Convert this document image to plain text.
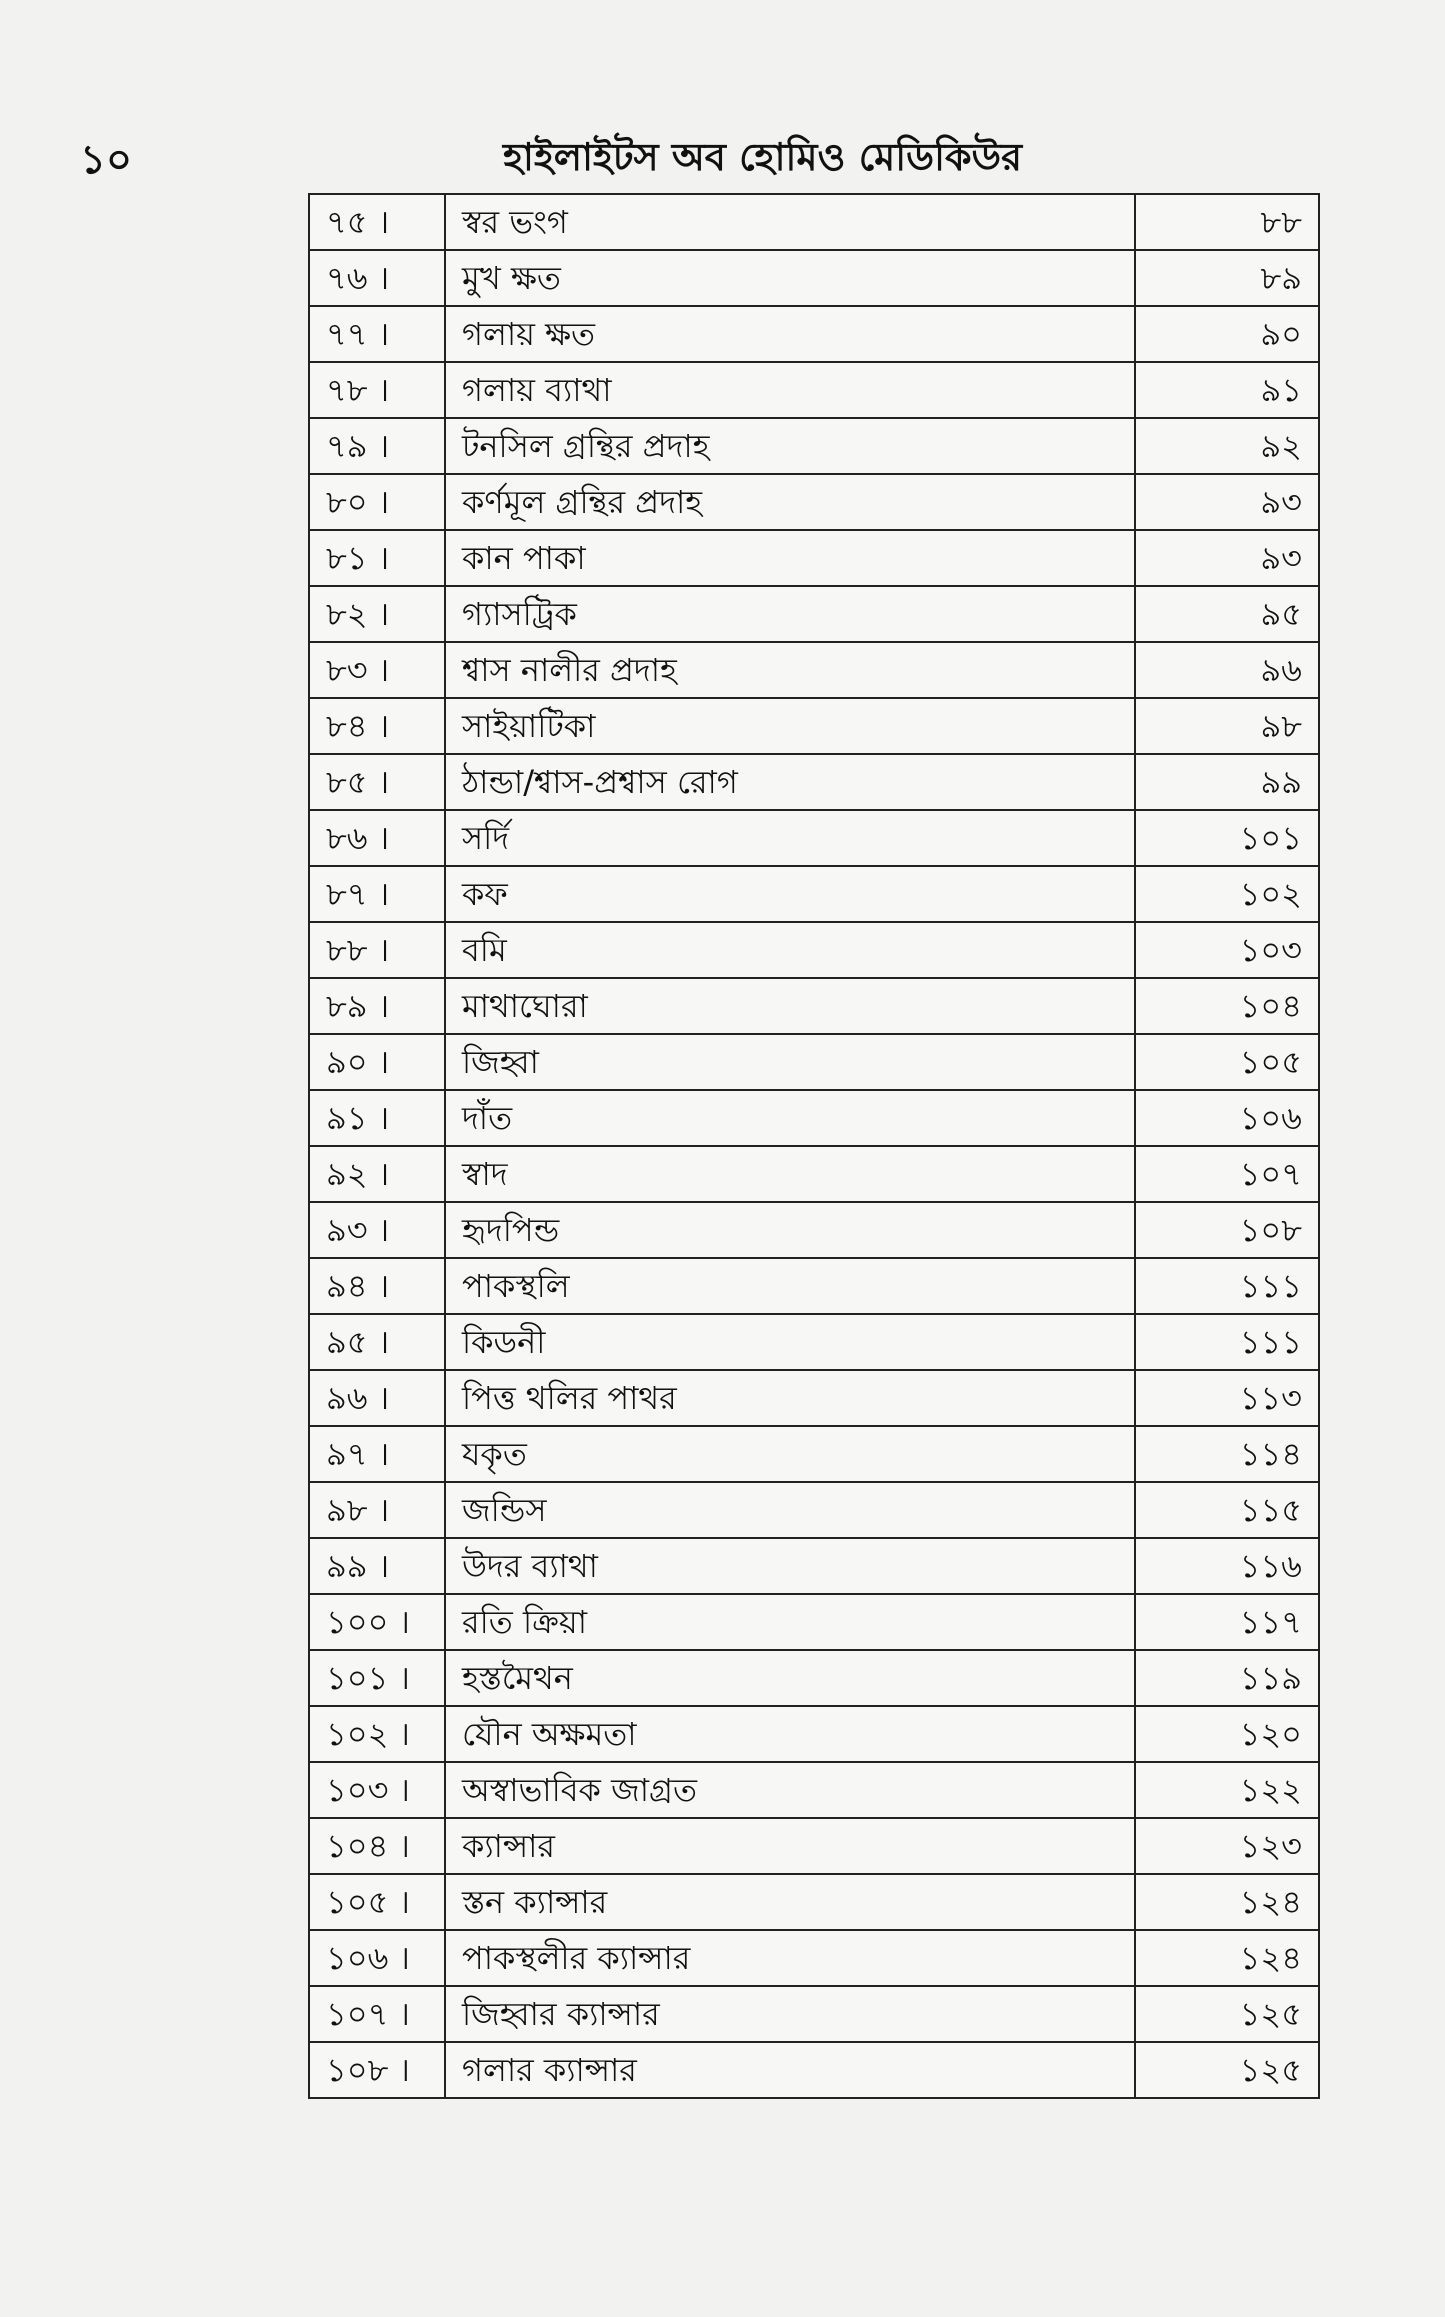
১০	হাইলাইটস অব হোমিও মেডিকিউর
৭৫ ।	স্বর ভংগ	৮৮
৭৬ ।	মুখ ক্ষত	৮৯
৭৭ ।	গলায় ক্ষত	৯০
৭৮ ।	গলায় ব্যাথা	৯১
৭৯ ।	টনসিল গ্রন্থির প্রদাহ	৯২
৮০ ।	কর্ণমূল গ্রন্থির প্রদাহ	৯৩
৮১ ।	কান পাকা	৯৩
৮২ ।	গ্যাসট্রিক	৯৫
৮৩ ।	শ্বাস নালীর প্রদাহ	৯৬
৮৪ ।	সাইয়াটিকা	৯৮
৮৫ ।	ঠান্ডা/শ্বাস-প্রশ্বাস রোগ	৯৯
৮৬ ।	সর্দি	১০১
৮৭ ।	কফ	১০২
৮৮ ।	বমি	১০৩
৮৯ ।	মাথাঘোরা	১০৪
৯০ ।	জিহ্বা	১০৫
৯১ ।	দাঁত	১০৬
৯২ ।	স্বাদ	১০৭
৯৩ ।	হৃদপিন্ড	১০৮
৯৪ ।	পাকস্থলি	১১১
৯৫ ।	কিডনী	১১১
৯৬ ।	পিত্ত থলির পাথর	১১৩
৯৭ ।	যকৃত	১১৪
৯৮ ।	জন্ডিস	১১৫
৯৯ ।	উদর ব্যাথা	১১৬
১০০ ।	রতি ক্রিয়া	১১৭
১০১ ।	হস্তমৈথন	১১৯
১০২ ।	যৌন অক্ষমতা	১২০
১০৩ ।	অস্বাভাবিক জাগ্রত	১২২
১০৪ ।	ক্যান্সার	১২৩
১০৫ ।	স্তন ক্যান্সার	১২৪
১০৬ ।	পাকস্থলীর ক্যান্সার	১২৪
১০৭ ।	জিহ্বার ক্যান্সার	১২৫
১০৮ ।	গলার ক্যান্সার	১২৫
